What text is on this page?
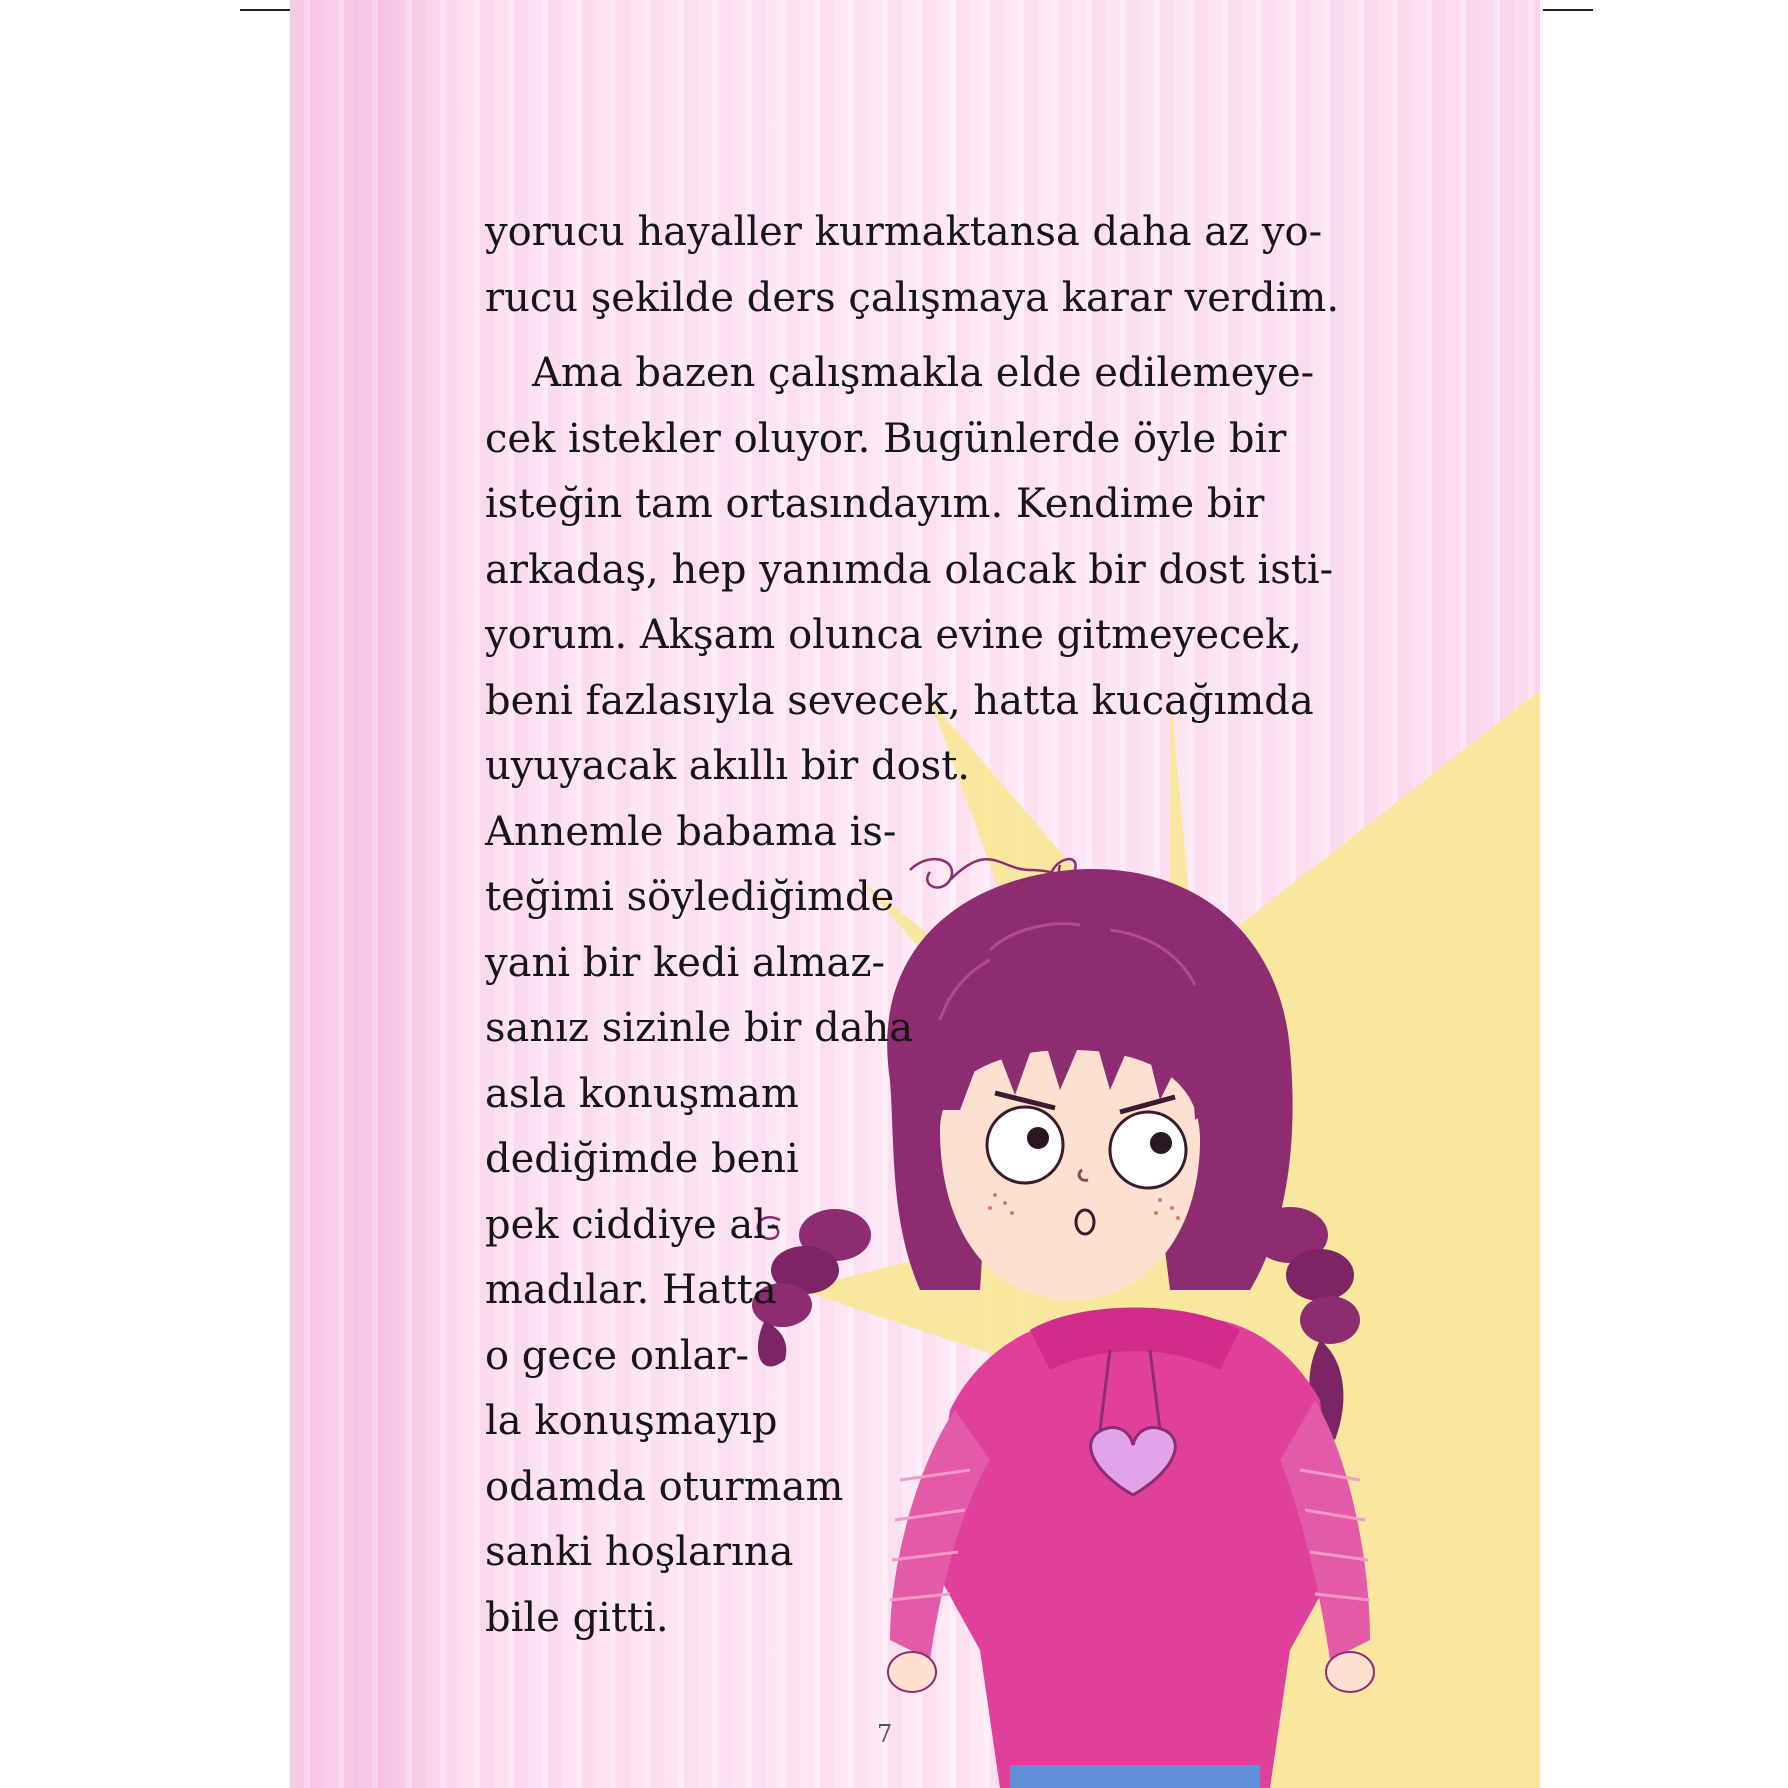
yorucu hayaller kurmaktansa daha az yo-
rucu şekilde ders çalışmaya karar verdim.
Ama bazen çalışmakla elde edilemeye-
cek istekler oluyor. Bugünlerde öyle bir
isteğin tam ortasındayım. Kendime bir
arkadaş, hep yanımda olacak bir dost isti-
yorum. Akşam olunca evine gitmeyecek,
beni fazlasıyla sevecek, hatta kucağımda
uyuyacak akıllı bir dost.
Annemle babama is-
teğimi söylediğimde
yani bir kedi almaz-
sanız sizinle bir daha
asla konuşmam
dediğimde beni
pek ciddiye al-
madılar. Hatta
o gece onlar-
la konuşmayıp
odamda oturmam
sanki hoşlarına
bile gitti.
7
